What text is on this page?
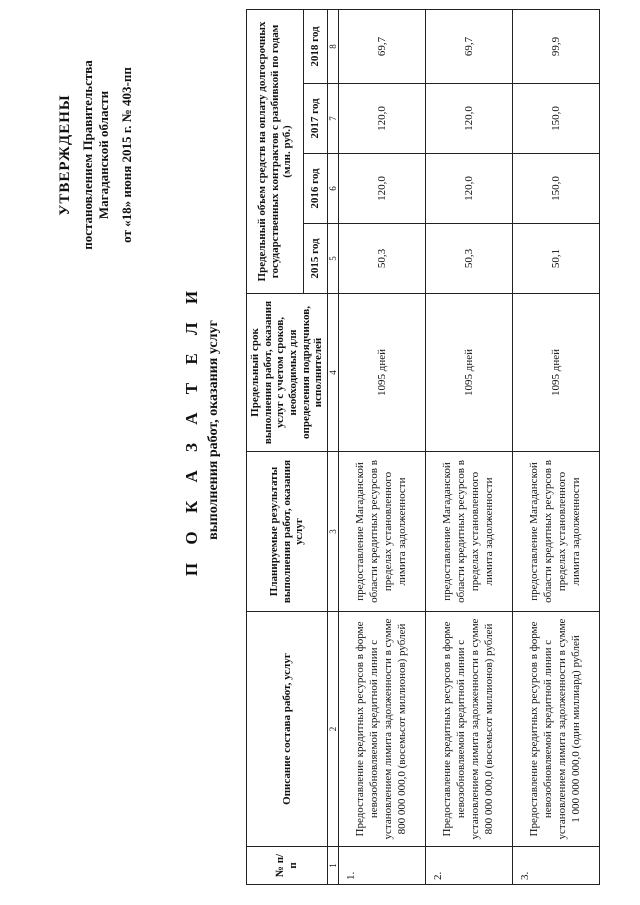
УТВЕРЖДЕНЫ постановлением Правительства Магаданской области от «18» июня 2015 г. № 403-пп
П О К А З А Т Е Л И выполнения работ, оказания услуг
№ п/п	Описание состава работ, услуг	Планируемые результаты выполнения работ, оказания услуг	Предельный срок выполнения работ, оказания услуг с учетом сроков, необходимых для определения подрядчиков, исполнителей	Предельный объем средств на оплату долгосрочных государственных контрактов с разбивкой по годам (млн. руб.)			
				2015 год	2016 год	2017 год	2018 год
1	2	3	4	5	6	7	8
1.	Предоставление кредитных ресурсов в форме невозобновляемой кредитной линии с установлением лимита задолженности в сумме 800 000 000,0 (восемьсот миллионов) рублей	предоставление Магаданской области кредитных ресурсов в пределах установленного лимита задолженности	1095 дней	50,3	120,0	120,0	69,7
2.	Предоставление кредитных ресурсов в форме невозобновляемой кредитной линии с установлением лимита задолженности в сумме 800 000 000,0 (восемьсот миллионов) рублей	предоставление Магаданской области кредитных ресурсов в пределах установленного лимита задолженности	1095 дней	50,3	120,0	120,0	69,7
3.	Предоставление кредитных ресурсов в форме невозобновляемой кредитной линии с установлением лимита задолженности в сумме 1 000 000 000,0 (один миллиард) рублей	предоставление Магаданской области кредитных ресурсов в пределах установленного лимита задолженности	1095 дней	50,1	150,0	150,0	99,9
